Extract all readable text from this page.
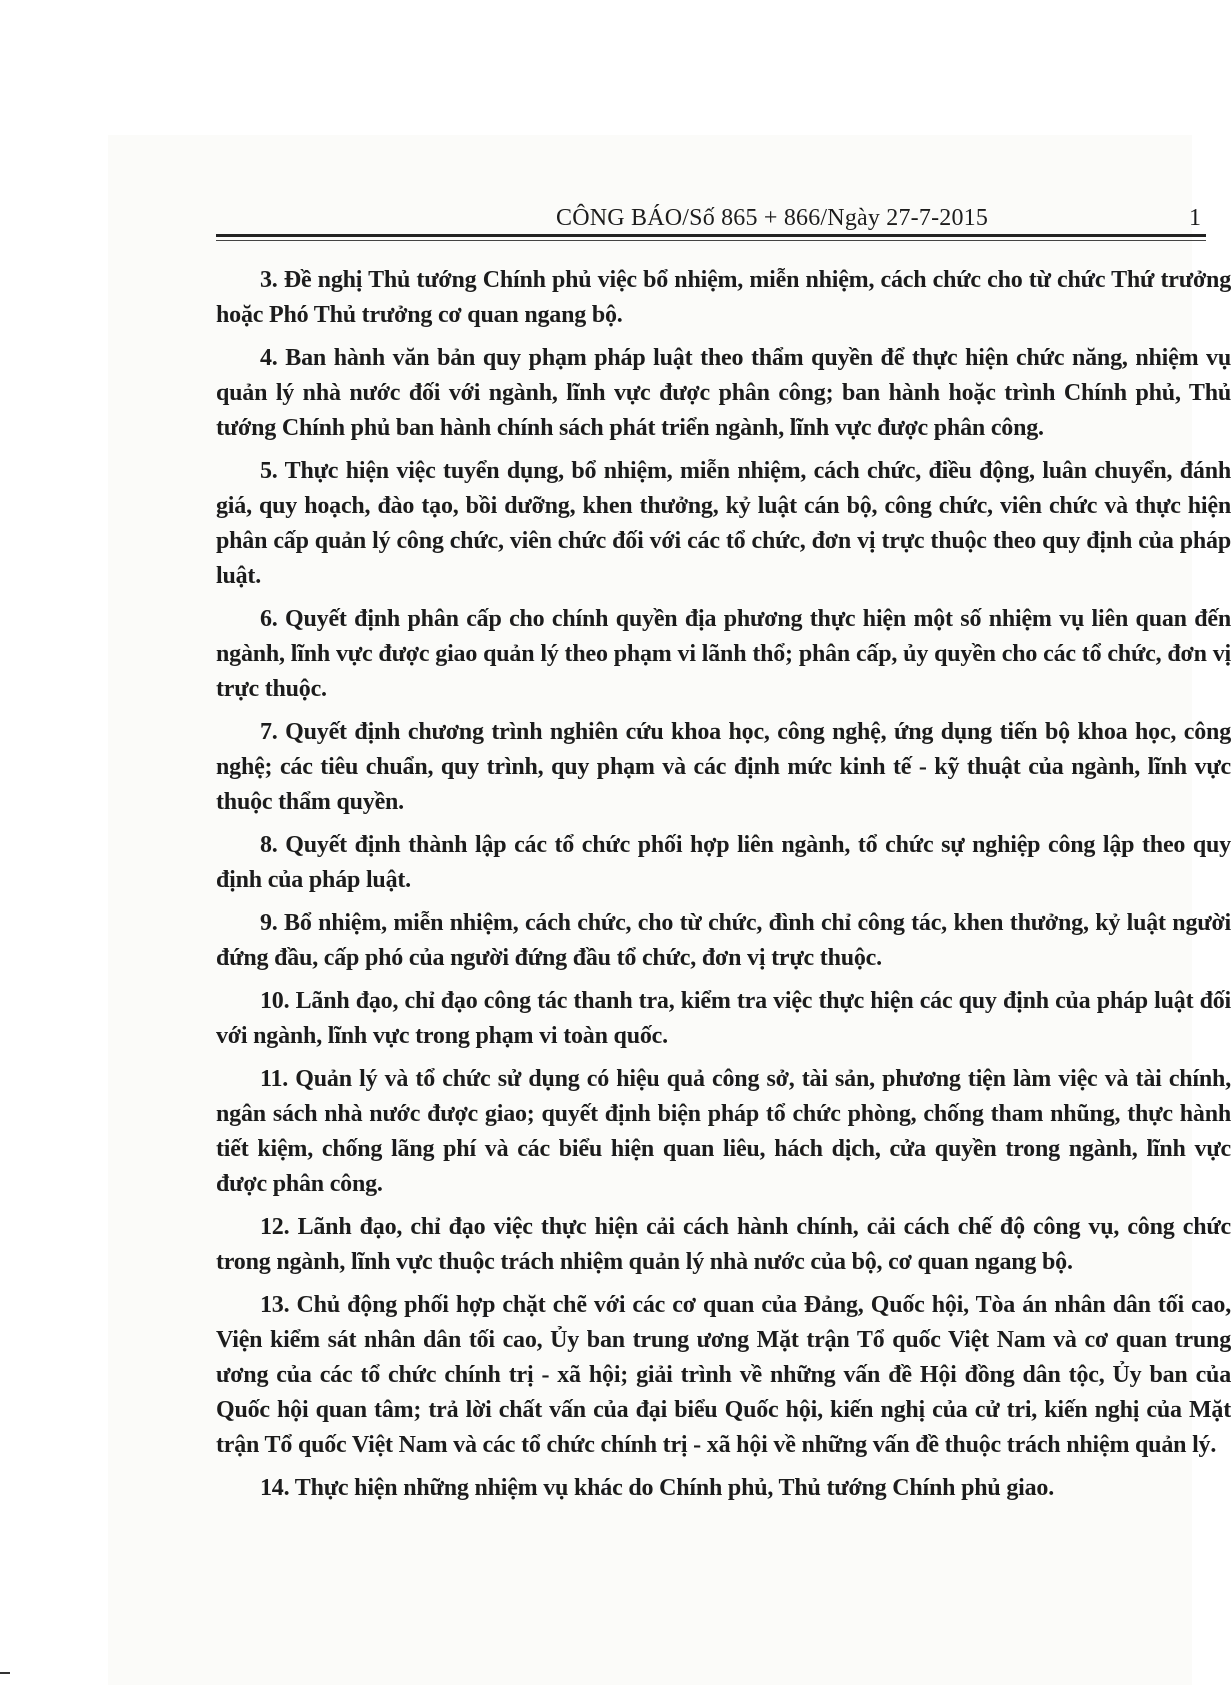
CÔNG BÁO/Số 865 + 866/Ngày 27-7-2015	1

3. Đề nghị Thủ tướng Chính phủ việc bổ nhiệm, miễn nhiệm, cách chức cho từ chức Thứ trưởng hoặc Phó Thủ trưởng cơ quan ngang bộ.

4. Ban hành văn bản quy phạm pháp luật theo thẩm quyền để thực hiện chức năng, nhiệm vụ quản lý nhà nước đối với ngành, lĩnh vực được phân công; ban hành hoặc trình Chính phủ, Thủ tướng Chính phủ ban hành chính sách phát triển ngành, lĩnh vực được phân công.

5. Thực hiện việc tuyển dụng, bổ nhiệm, miễn nhiệm, cách chức, điều động, luân chuyển, đánh giá, quy hoạch, đào tạo, bồi dưỡng, khen thưởng, kỷ luật cán bộ, công chức, viên chức và thực hiện phân cấp quản lý công chức, viên chức đối với các tổ chức, đơn vị trực thuộc theo quy định của pháp luật.

6. Quyết định phân cấp cho chính quyền địa phương thực hiện một số nhiệm vụ liên quan đến ngành, lĩnh vực được giao quản lý theo phạm vi lãnh thổ; phân cấp, ủy quyền cho các tổ chức, đơn vị trực thuộc.

7. Quyết định chương trình nghiên cứu khoa học, công nghệ, ứng dụng tiến bộ khoa học, công nghệ; các tiêu chuẩn, quy trình, quy phạm và các định mức kinh tế - kỹ thuật của ngành, lĩnh vực thuộc thẩm quyền.

8. Quyết định thành lập các tổ chức phối hợp liên ngành, tổ chức sự nghiệp công lập theo quy định của pháp luật.

9. Bổ nhiệm, miễn nhiệm, cách chức, cho từ chức, đình chỉ công tác, khen thưởng, kỷ luật người đứng đầu, cấp phó của người đứng đầu tổ chức, đơn vị trực thuộc.

10. Lãnh đạo, chỉ đạo công tác thanh tra, kiểm tra việc thực hiện các quy định của pháp luật đối với ngành, lĩnh vực trong phạm vi toàn quốc.

11. Quản lý và tổ chức sử dụng có hiệu quả công sở, tài sản, phương tiện làm việc và tài chính, ngân sách nhà nước được giao; quyết định biện pháp tổ chức phòng, chống tham nhũng, thực hành tiết kiệm, chống lãng phí và các biểu hiện quan liêu, hách dịch, cửa quyền trong ngành, lĩnh vực được phân công.

12. Lãnh đạo, chỉ đạo việc thực hiện cải cách hành chính, cải cách chế độ công vụ, công chức trong ngành, lĩnh vực thuộc trách nhiệm quản lý nhà nước của bộ, cơ quan ngang bộ.

13. Chủ động phối hợp chặt chẽ với các cơ quan của Đảng, Quốc hội, Tòa án nhân dân tối cao, Viện kiểm sát nhân dân tối cao, Ủy ban trung ương Mặt trận Tổ quốc Việt Nam và cơ quan trung ương của các tổ chức chính trị - xã hội; giải trình về những vấn đề Hội đồng dân tộc, Ủy ban của Quốc hội quan tâm; trả lời chất vấn của đại biểu Quốc hội, kiến nghị của cử tri, kiến nghị của Mặt trận Tổ quốc Việt Nam và các tổ chức chính trị - xã hội về những vấn đề thuộc trách nhiệm quản lý.

14. Thực hiện những nhiệm vụ khác do Chính phủ, Thủ tướng Chính phủ giao.
